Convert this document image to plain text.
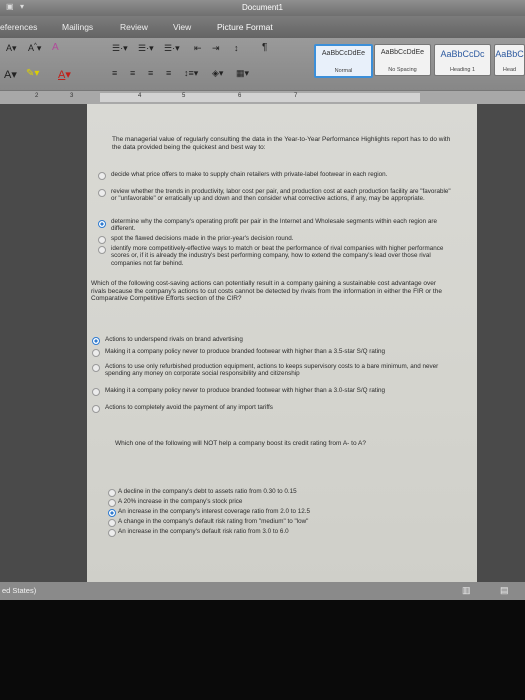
▣ ▾	Document1
eferences	Mailings	Review	View	Picture Format
A▾ A^▾ A
A▾ ✎▾ A▾
☰·▾ ☰·▾ ☰·▾ ⇤ ⇥ ↕ ¶
≡ ≡ ≡ ≡ ↕≡▾ ◈▾ ▦▾
AaBbCcDdEe
Normal
AaBbCcDdEe
No Spacing
AaBbCcDc
Heading 1
AaBbC
Head
2	3	4	5	6	7
The managerial value of regularly consulting the data in the Year-to-Year Performance Highlights report has to do with the data provided being the quickest and best way to:
decide what price offers to make to supply chain retailers with private-label footwear in each region.
review whether the trends in productivity, labor cost per pair, and production cost at each production facility are "favorable" or "unfavorable" or erratically up and down and then consider what corrective actions, if any, may be appropriate.
determine why the company's operating profit per pair in the Internet and Wholesale segments within each region are different.
spot the flawed decisions made in the prior-year's decision round.
identify more competitively-effective ways to match or beat the performance of rival companies with higher performance scores or, if it is already the industry's best performing company, how to extend the company's lead over those rival companies not far behind.
Which of the following cost-saving actions can potentially result in a company gaining a sustainable cost advantage over rivals because the company's actions to cut costs cannot be detected by rivals from the information in either the FIR or the Comparative Competitive Efforts section of the CIR?
Actions to underspend rivals on brand advertising
Making it a company policy never to produce branded footwear with higher than a 3.5-star S/Q rating
Actions to use only refurbished production equipment, actions to keeps supervisory costs to a bare minimum, and never spending any money on corporate social responsibility and citizenship
Making it a company policy never to produce branded footwear with higher than a 3.0-star S/Q rating
Actions to completely avoid the payment of any import tariffs
Which one of the following will NOT help a company boost its credit rating from A- to A?
A decline in the company's debt to assets ratio from 0.30 to 0.15
A 20% increase in the company's stock price
An increase in the company's interest coverage ratio from 2.0 to 12.5
A change in the company's default risk rating from "medium" to "low"
An increase in the company's default risk ratio from 3.0 to 6.0
ed States)	▥	▤
